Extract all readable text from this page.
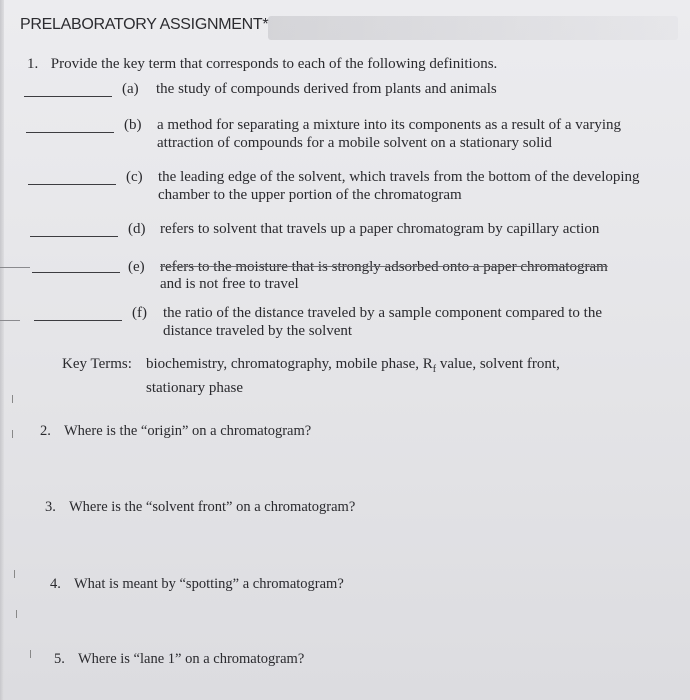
PRELABORATORY ASSIGNMENT*
1. Provide the key term that corresponds to each of the following definitions.
(a) the study of compounds derived from plants and animals
(b) a method for separating a mixture into its components as a result of a varying
attraction of compounds for a mobile solvent on a stationary solid
(c) the leading edge of the solvent, which travels from the bottom of the developing
chamber to the upper portion of the chromatogram
(d) refers to solvent that travels up a paper chromatogram by capillary action
(e) refers to the moisture that is strongly adsorbed onto a paper chromatogram
and is not free to travel
(f) the ratio of the distance traveled by a sample component compared to the
distance traveled by the solvent
Key Terms: biochemistry, chromatography, mobile phase, $R_f$ value, solvent front,
stationary phase
2. Where is the “origin” on a chromatogram?
3. Where is the “solvent front” on a chromatogram?
4. What is meant by “spotting” a chromatogram?
5. Where is “lane 1” on a chromatogram?
